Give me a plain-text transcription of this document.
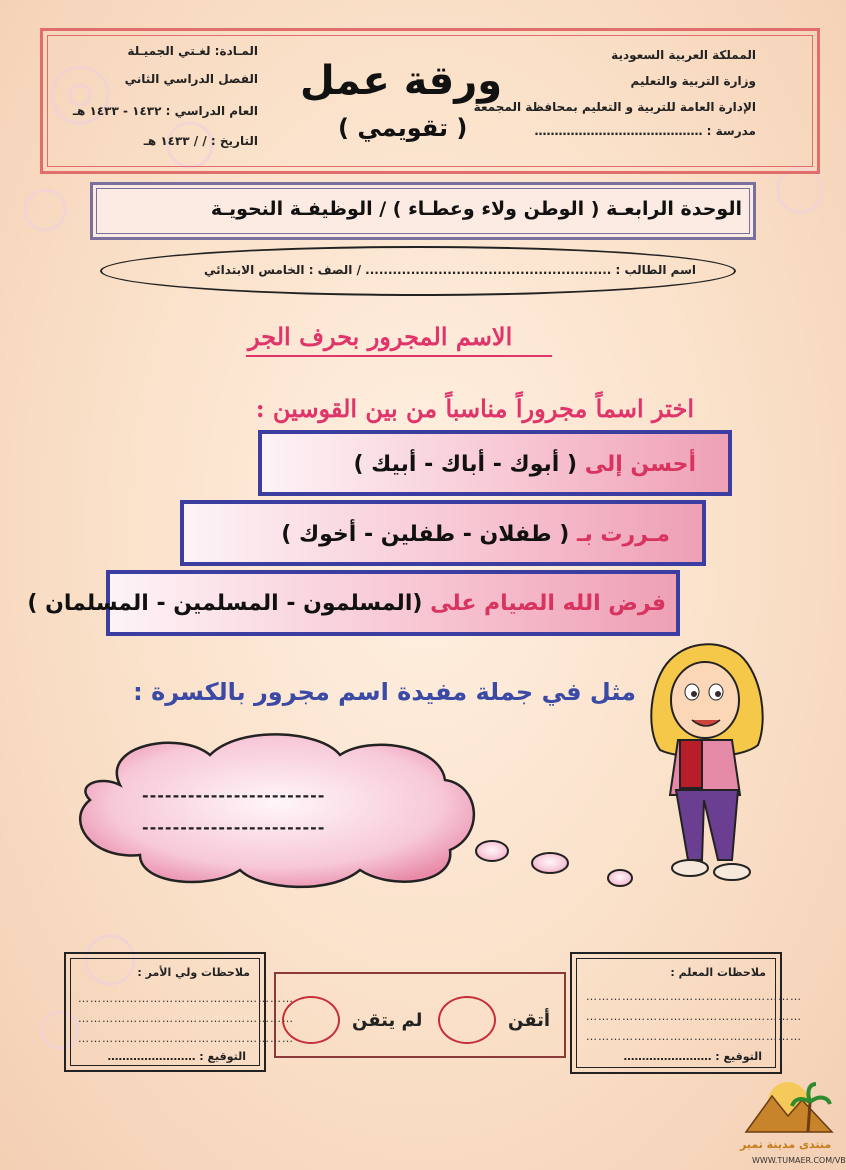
المملكة العربية السعودية
وزارة التربية والتعليم
الإدارة العامة للتربية و التعليم بمحافظة المجمعة
مدرسة : ……………………………………
ورقة عمل
( تقويمي )
المـادة: لغـتي الجميـلة
الفصل الدراسي الثاني
العام الدراسي : ١٤٣٢ - ١٤٣٣ هـ
التاريخ : / / ١٤٣٣ هـ
الوحدة الرابعـة ( الوطن ولاء وعطـاء ) / الوظيفـة النحويـة
اسم الطالب : ...................................................... / الصف : الخامس الابتدائي
الاسم المجرور بحرف الجر
اختر اسماً مجروراً مناسباً من بين القوسين :
أحسن إلى ( أبوك - أباك - أبيك )
مـررت بـ ( طفلان - طفلين - أخوك )
فرض الله الصيام على (المسلمون - المسلمين - المسلمان )
مثل في جملة مفيدة اسم مجرور بالكسرة :
------------------------
------------------------
ملاحظات المعلم :
………………………………………………
………………………………………………
………………………………………………
التوقيع : ……………………
أتقن
لم يتقن
ملاحظات ولي الأمر :
………………………………………………
………………………………………………
………………………………………………
التوقيع : ……………………
منتدى مدينة تمير
WWW.TUMAER.COM/VB
